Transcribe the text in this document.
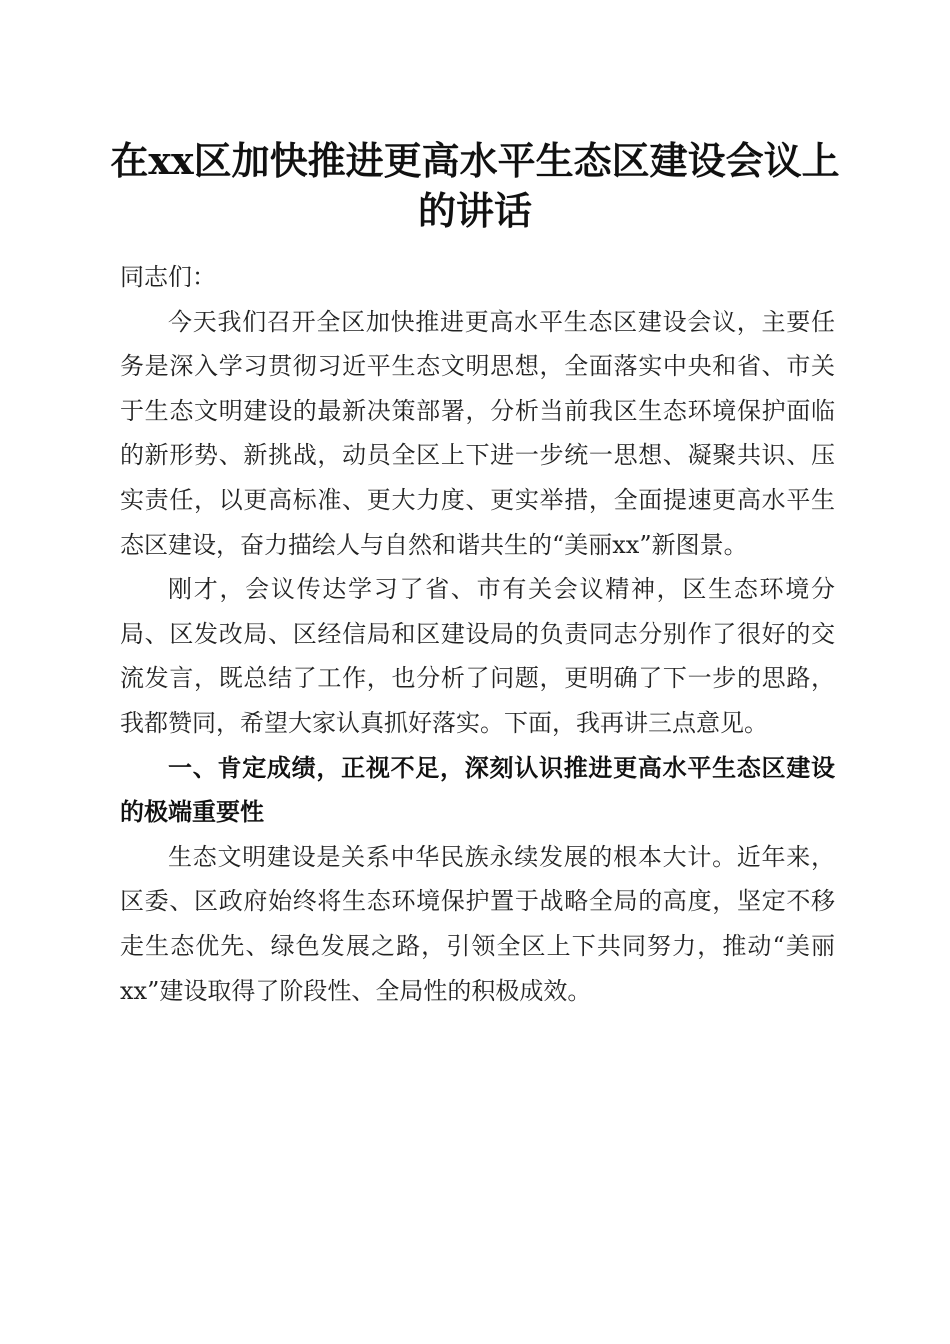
在xx区加快推进更高水平生态区建设会议上
的讲话

同志们：

今天我们召开全区加快推进更高水平生态区建设会议，主要任务是深入学习贯彻习近平生态文明思想，全面落实中央和省、市关于生态文明建设的最新决策部署，分析当前我区生态环境保护面临的新形势、新挑战，动员全区上下进一步统一思想、凝聚共识、压实责任，以更高标准、更大力度、更实举措，全面提速更高水平生态区建设，奋力描绘人与自然和谐共生的“美丽xx”新图景。

刚才，会议传达学习了省、市有关会议精神，区生态环境分局、区发改局、区经信局和区建设局的负责同志分别作了很好的交流发言，既总结了工作，也分析了问题，更明确了下一步的思路，我都赞同，希望大家认真抓好落实。下面，我再讲三点意见。

一、肯定成绩，正视不足，深刻认识推进更高水平生态区建设的极端重要性

生态文明建设是关系中华民族永续发展的根本大计。近年来，区委、区政府始终将生态环境保护置于战略全局的高度，坚定不移走生态优先、绿色发展之路，引领全区上下共同努力，推动“美丽xx”建设取得了阶段性、全局性的积极成效。
